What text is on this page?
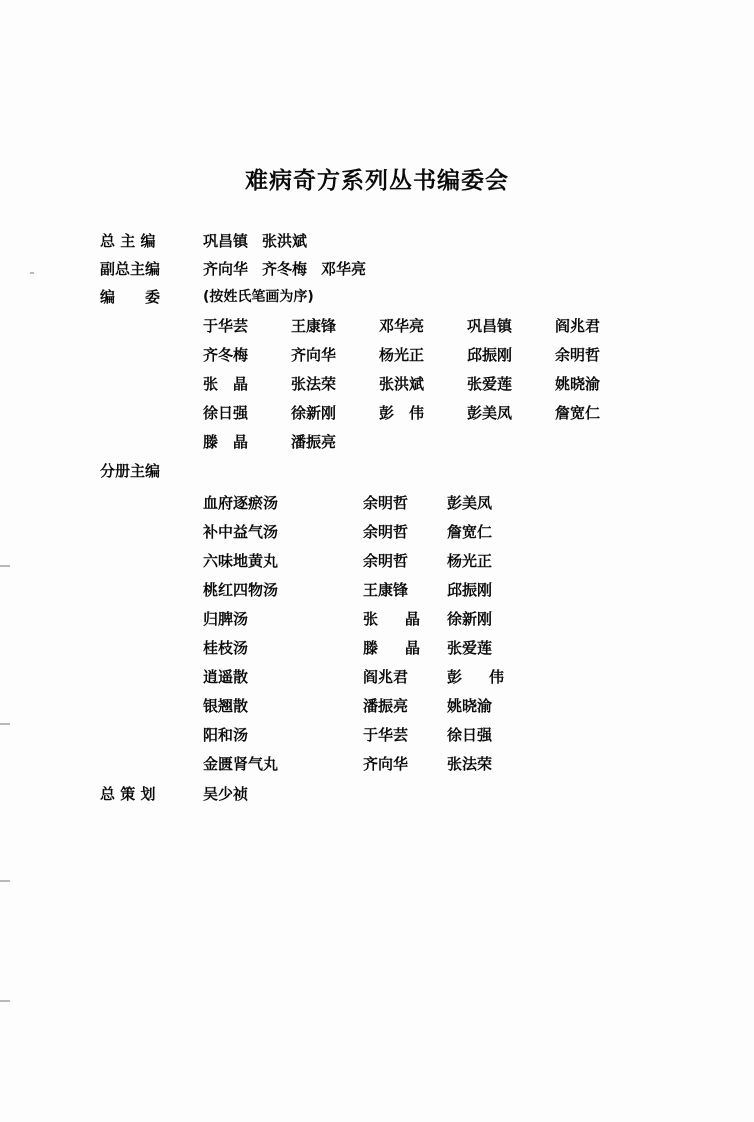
难病奇方系列丛书编委会
总 主 编	巩昌镇 张洪斌
副总主编	齐向华 齐冬梅 邓华亮
编　　委	(按姓氏笔画为序)
于华芸	王康锋	邓华亮	巩昌镇	阎兆君
齐冬梅	齐向华	杨光正	邱振刚	余明哲
张　晶	张法荣	张洪斌	张爱莲	姚晓渝
徐日强	徐新刚	彭　伟	彭美凤	詹宽仁
滕　晶	潘振亮
分册主编
血府逐瘀汤	余明哲	彭美凤
补中益气汤	余明哲	詹宽仁
六味地黄丸	余明哲	杨光正
桃红四物汤	王康锋	邱振刚
归脾汤	张　晶	徐新刚
桂枝汤	滕　晶	张爱莲
逍遥散	阎兆君	彭　伟
银翘散	潘振亮	姚晓渝
阳和汤	于华芸	徐日强
金匮肾气丸	齐向华	张法荣
总 策 划	吴少祯
